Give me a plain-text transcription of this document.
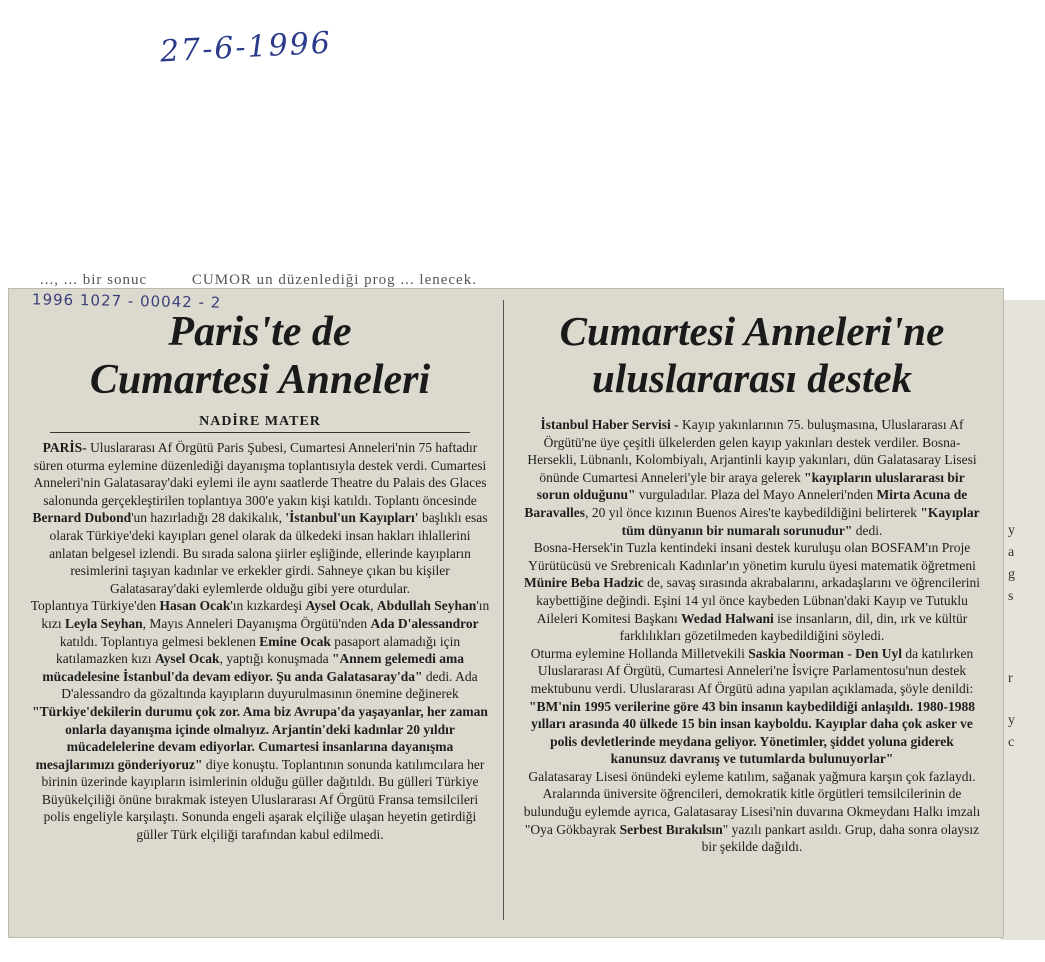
27-6-1996
..., ... bir sonuc	CUMOR un düzenlediği prog ... lenecek.
y
a
g
s
r
y
c
1996 1027 - 00042 - 2
Paris'te de
Cumartesi Anneleri
NADİRE MATER

PARİS- Uluslararası Af Örgütü Paris Şubesi, Cumartesi Anneleri'nin 75 haftadır süren oturma eylemine düzenlediği dayanışma toplantısıyla destek verdi. Cumartesi Anneleri'nin Galatasaray'daki eylemi ile aynı saatlerde Theatre du Palais des Glaces salonunda gerçekleştirilen toplantıya 300'e yakın kişi katıldı. Toplantı öncesinde Bernard Dubond'un hazırladığı 28 dakikalık, 'İstanbul'un Kayıpları' başlıklı esas olarak Türkiye'deki kayıpları genel olarak da ülkedeki insan hakları ihlallerini anlatan belgesel izlendi. Bu sırada salona şiirler eşliğinde, ellerinde kayıpların resimlerini taşıyan kadınlar ve erkekler girdi. Sahneye çıkan bu kişiler Galatasaray'daki eylemlerde olduğu gibi yere oturdular.

Toplantıya Türkiye'den Hasan Ocak'ın kızkardeşi Aysel Ocak, Abdullah Seyhan'ın kızı Leyla Seyhan, Mayıs Anneleri Dayanışma Örgütü'nden Ada D'alessandror katıldı. Toplantıya gelmesi beklenen Emine Ocak pasaport alamadığı için katılamazken kızı Aysel Ocak, yaptığı konuşmada "Annem gelemedi ama mücadelesine İstanbul'da devam ediyor. Şu anda Galatasaray'da" dedi. Ada D'alessandro da gözaltında kayıpların duyurulmasının önemine değinerek "Türkiye'dekilerin durumu çok zor. Ama biz Avrupa'da yaşayanlar, her zaman onlarla dayanışma içinde olmalıyız. Arjantin'deki kadınlar 20 yıldır mücadelelerine devam ediyorlar. Cumartesi insanlarına dayanışma mesajlarımızı gönderiyoruz" diye konuştu. Toplantının sonunda katılımcılara her birinin üzerinde kayıpların isimlerinin olduğu güller dağıtıldı. Bu gülleri Türkiye Büyükelçiliği önüne bırakmak isteyen Uluslararası Af Örgütü Fransa temsilcileri polis engeliyle karşılaştı. Sonunda engeli aşarak elçiliğe ulaşan heyetin getirdiği güller Türk elçiliği tarafından kabul edilmedi.

Cumartesi Anneleri'ne
uluslararası destek

İstanbul Haber Servisi - Kayıp yakınlarının 75. buluşmasına, Uluslararası Af Örgütü'ne üye çeşitli ülkelerden gelen kayıp yakınları destek verdiler. Bosna-Hersekli, Lübnanlı, Kolombiyalı, Arjantinli kayıp yakınları, dün Galatasaray Lisesi önünde Cumartesi Anneleri'yle bir araya gelerek "kayıpların uluslararası bir sorun olduğunu" vurguladılar. Plaza del Mayo Anneleri'nden Mirta Acuna de Baravalles, 20 yıl önce kızının Buenos Aires'te kaybedildiğini belirterek "Kayıplar tüm dünyanın bir numaralı sorunudur" dedi.

Bosna-Hersek'in Tuzla kentindeki insani destek kuruluşu olan BOSFAM'ın Proje Yürütücüsü ve Srebrenicalı Kadınlar'ın yönetim kurulu üyesi matematik öğretmeni Münire Beba Hadzic de, savaş sırasında akrabalarını, arkadaşlarını ve öğrencilerini kaybettiğine değindi. Eşini 14 yıl önce kaybeden Lübnan'daki Kayıp ve Tutuklu Aileleri Komitesi Başkanı Wedad Halwani ise insanların, dil, din, ırk ve kültür farklılıkları gözetilmeden kaybedildiğini söyledi.

Oturma eylemine Hollanda Milletvekili Saskia Noorman - Den Uyl da katılırken Uluslararası Af Örgütü, Cumartesi Anneleri'ne İsviçre Parlamentosu'nun destek mektubunu verdi. Uluslararası Af Örgütü adına yapılan açıklamada, şöyle denildi:
"BM'nin 1995 verilerine göre 43 bin insanın kaybedildiği anlaşıldı. 1980-1988 yılları arasında 40 ülkede 15 bin insan kayboldu. Kayıplar daha çok asker ve polis devletlerinde meydana geliyor. Yönetimler, şiddet yoluna giderek kanunsuz davranış ve tutumlarda bulunuyorlar"

Galatasaray Lisesi önündeki eyleme katılım, sağanak yağmura karşın çok fazlaydı. Aralarında üniversite öğrencileri, demokratik kitle örgütleri temsilcilerinin de bulunduğu eylemde ayrıca, Galatasaray Lisesi'nin duvarına Okmeydanı Halkı imzalı "Oya Gökbayrak Serbest Bırakılsın" yazılı pankart asıldı. Grup, daha sonra olaysız bir şekilde dağıldı.
